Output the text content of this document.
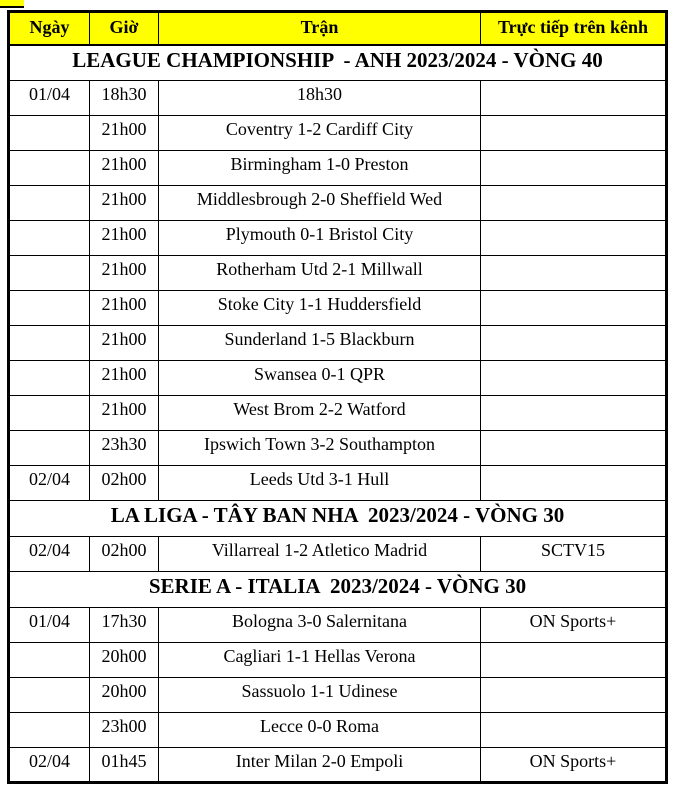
Ngày	Giờ	Trận	Trực tiếp trên kênh
LEAGUE CHAMPIONSHIP  - ANH 2023/2024 - VÒNG 40			
01/04	18h30	18h30	
	21h00	Coventry 1-2 Cardiff City	
	21h00	Birmingham 1-0 Preston	
	21h00	Middlesbrough 2-0 Sheffield Wed	
	21h00	Plymouth 0-1 Bristol City	
	21h00	Rotherham Utd 2-1 Millwall	
	21h00	Stoke City 1-1 Huddersfield	
	21h00	Sunderland 1-5 Blackburn	
	21h00	Swansea 0-1 QPR	
	21h00	West Brom 2-2 Watford	
	23h30	Ipswich Town 3-2 Southampton	
02/04	02h00	Leeds Utd 3-1 Hull	
LA LIGA - TÂY BAN NHA  2023/2024 - VÒNG 30			
02/04	02h00	Villarreal 1-2 Atletico Madrid	SCTV15
SERIE A - ITALIA  2023/2024 - VÒNG 30			
01/04	17h30	Bologna 3-0 Salernitana	ON Sports+
	20h00	Cagliari 1-1 Hellas Verona	
	20h00	Sassuolo 1-1 Udinese	
	23h00	Lecce 0-0 Roma	
02/04	01h45	Inter Milan 2-0 Empoli	ON Sports+
